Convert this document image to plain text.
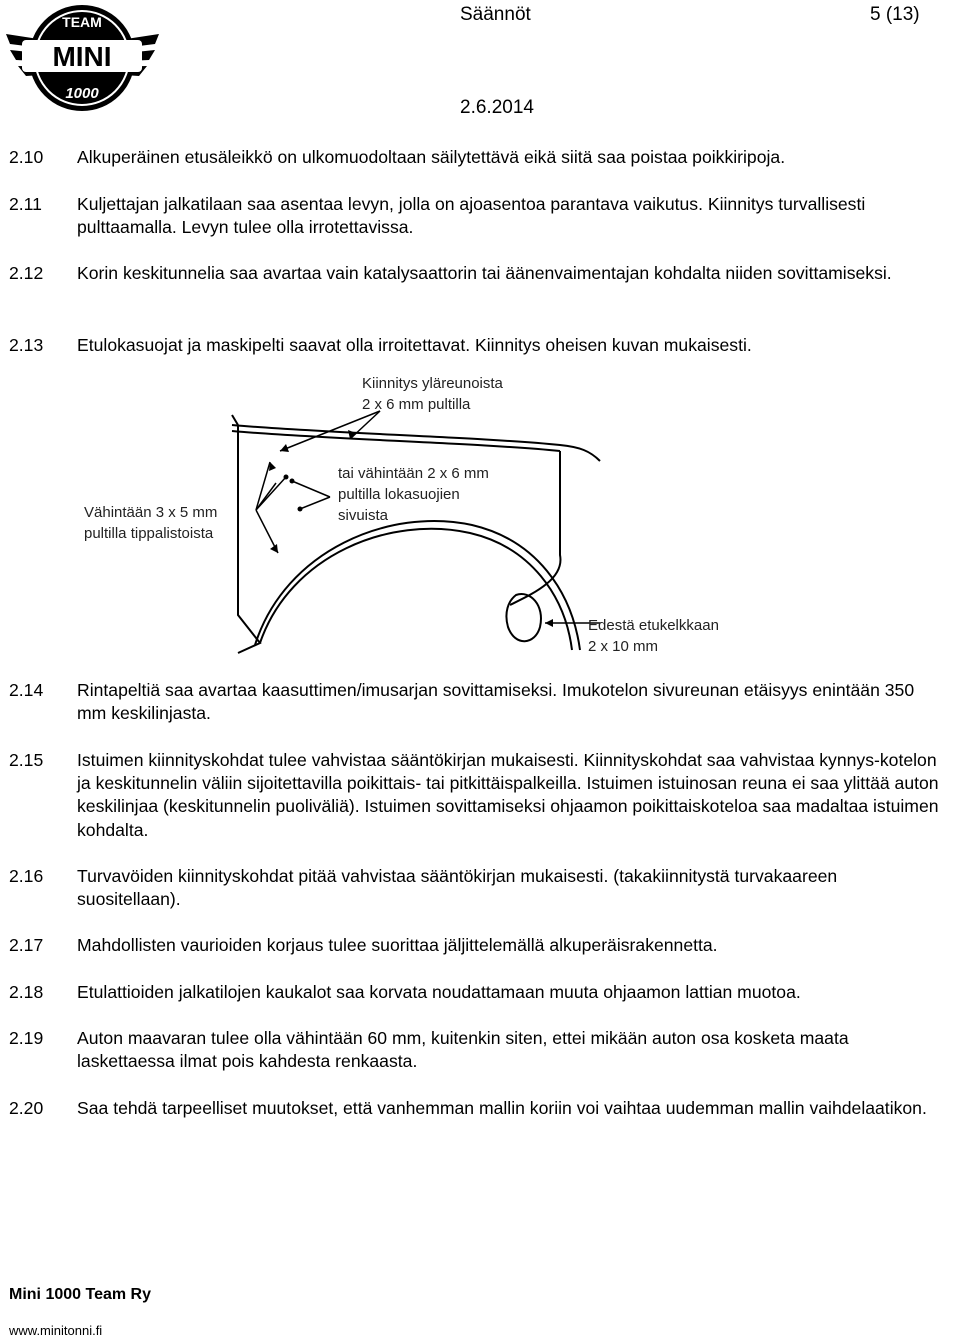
TEAM
MINI
1000
Säännöt	5 (13)
2.6.2014
2.10 Alkuperäinen etusäleikkö on ulkomuodoltaan säilytettävä eikä siitä saa poistaa poikkiripoja.
2.11 Kuljettajan jalkatilaan saa asentaa levyn, jolla on ajoasentoa parantava vaikutus. Kiinnitys turvallisesti pulttaamalla. Levyn tulee olla irrotettavissa.
2.12 Korin keskitunnelia saa avartaa vain katalysaattorin tai äänenvaimentajan kohdalta niiden sovittamiseksi.
2.13 Etulokasuojat ja maskipelti saavat olla irroitettavat. Kiinnitys oheisen kuvan mukaisesti.
Kiinnitys yläreunoista
2 x 6 mm pultilla
Vähintään 3 x 5 mm
pultilla tippalistoista
tai vähintään 2 x 6 mm
pultilla lokasuojien
sivuista
Edestä etukelkkaan
2 x 10 mm
2.14 Rintapeltiä saa avartaa kaasuttimen/imusarjan sovittamiseksi. Imukotelon sivureunan etäisyys enintään 350 mm keskilinjasta.
2.15 Istuimen kiinnityskohdat tulee vahvistaa sääntökirjan mukaisesti. Kiinnityskohdat saa vahvistaa kynnys-kotelon ja keskitunnelin väliin sijoitettavilla poikittais- tai pitkittäispalkeilla. Istuimen istuinosan reuna ei saa ylittää auton keskilinjaa (keskitunnelin puoliväliä). Istuimen sovittamiseksi ohjaamon poikittaiskoteloa saa madaltaa istuimen kohdalta.
2.16 Turvavöiden kiinnityskohdat pitää vahvistaa sääntökirjan mukaisesti. (takakiinnitystä turvakaareen suositellaan).
2.17 Mahdollisten vaurioiden korjaus tulee suorittaa jäljittelemällä alkuperäisrakennetta.
2.18 Etulattioiden jalkatilojen kaukalot saa korvata noudattamaan muuta ohjaamon lattian muotoa.
2.19 Auton maavaran tulee olla vähintään 60 mm, kuitenkin siten, ettei mikään auton osa kosketa maata laskettaessa ilmat pois kahdesta renkaasta.
2.20 Saa tehdä tarpeelliset muutokset, että vanhemman mallin koriin voi vaihtaa uudemman mallin vaihdelaatikon.
Mini 1000 Team Ry
www.minitonni.fi
